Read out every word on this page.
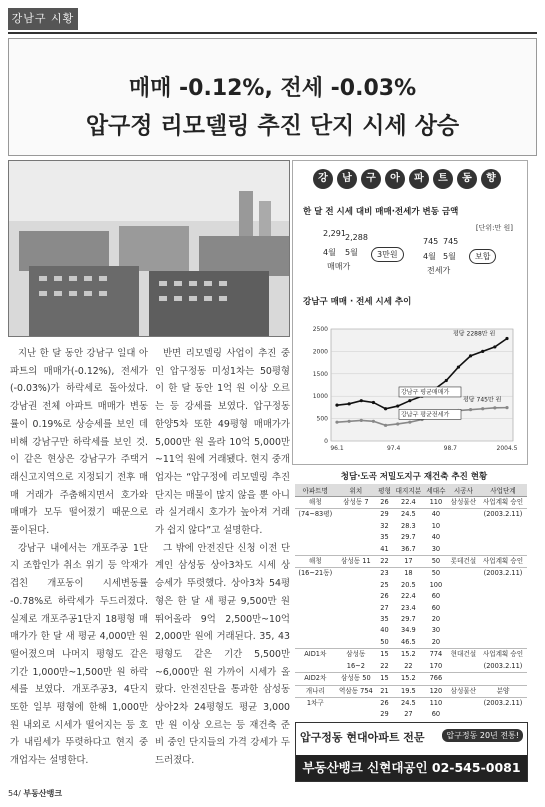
강남구 시황
매매 -0.12%, 전세 -0.03%
압구정 리모델링 추진 단지 시세 상승

지난 한 달 동안 강남구 일대 아파트의 매매가(-0.12%), 전세가(-0.03%)가 하락세로 돌아섰다. 강남권 전체 아파트 매매가 변동률이 0.19%로 상승세를 보인 데 비해 강남구만 하락세를 보인 것. 이 같은 현상은 강남구가 주택거래신고지역으로 지정되기 전후 매매 거래가 주춤해지면서 호가와 매매가 모두 떨어졌기 때문으로 풀이된다.

강남구 내에서는 개포주공 1단지 조합인가 취소 위기 등 악재가 겹친 개포동이 시세변동률 -0.78%로 하락세가 두드러졌다. 실제로 개포주공1단지 18평형 매매가가 한 달 새 평균 4,000만 원 떨어졌으며 나머지 평형도 같은 기간 1,000만~1,500만 원 하락세를 보였다. 개포주공3, 4단지 또한 일부 평형에 한해 1,000만 원 내외로 시세가 떨어지는 등 호가 내림세가 뚜렷하다고 현지 중개업자는 설명한다.

반면 리모델링 사업이 추진 중인 압구정동 미성1차는 50평형이 한 달 동안 1억 원 이상 오르는 등 강세를 보였다. 압구정동 한양5차 또한 49평형 매매가가 5,000만 원 올라 10억 5,000만~11억 원에 거래됐다. 현지 중개업자는 “압구정에 리모델링 추진 단지는 매물이 많지 않을 뿐 아니라 실거래시 호가가 높아져 거래가 쉽지 않다”고 설명한다.

그 밖에 안전진단 신청 이전 단계인 삼성동 상아3차도 시세 상승세가 뚜렷했다. 상아3차 54평형은 한 달 새 평균 9,500만 원 뛰어올라 9억 2,500만~10억 2,000만 원에 거래된다. 35, 43평형도 같은 기간 5,500만~6,000만 원 가까이 시세가 올랐다. 안전진단을 통과한 삼성동 상아2차 24평형도 평균 3,000만 원 이상 오르는 등 재건축 준비 중인 단지들의 가격 강세가 두드러졌다.

강	남	구	아	파	트	동	향
한 달 전 시세 대비 매매·전세가 변동 금액
[단위:만 원]
2,291 2,288
4월 5월
매매가
3만원
745 745
4월 5월
전세가
보합
강남구 매매 · 전세 시세 추이
0
500
1000
1500
2000
2500
96.1	97.4	98.7	2004.5
평당 2288만 원
평당 745만 원
강남구 평균매매가
강남구 평균전세가
청담·도곡 저밀도지구 재건축 추진 현황
아파트명	위치	평형	대지지분	세대수	시공사	사업단계
해청	삼성동 7	26	22.4	110	삼성물산	사업계획 승인
(74~83평)		29	24.5	40		(2003.2.11)
		32	28.3	10		
		35	29.7	40		
		41	36.7	30		
해청	삼성동 11	22	17	50	롯데건설	사업계획 승인
(16~21동)		23	18	50		(2003.2.11)
		25	20.5	100		
		26	22.4	60		
		27	23.4	60		
		35	29.7	20		
		40	34.9	30		
		50	46.5	20		
AID1차	삼성동	15	15.2	774	현대건설	사업계획 승인
	16~2	22	22	170		(2003.2.11)
AID2차	삼성동 50	15	15.2	766		
개나리	역삼동 754	21	19.5	120	삼성물산	분양
1차구		26	24.5	110		(2003.2.11)
		29	27	60		
압구정동 현대아파트 전문	압구정동 20년 전통!
부동산뱅크 신현대공인 02-545-0081
54/ 부동산뱅크
